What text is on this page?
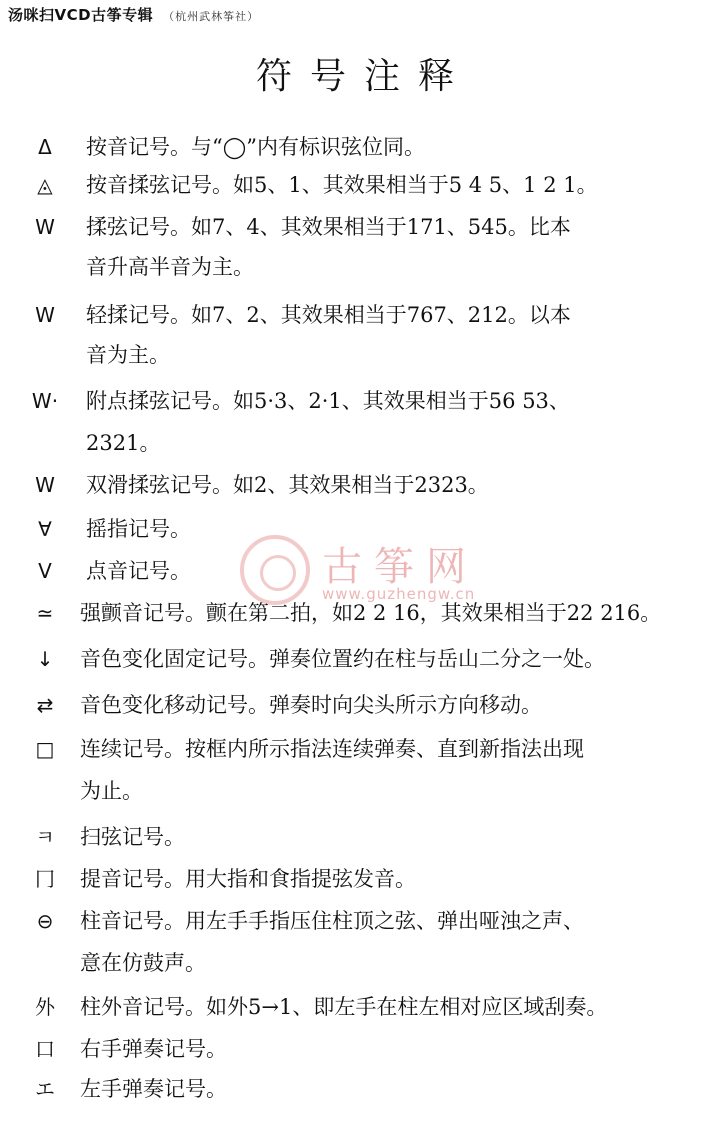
汤咪扫VCD古筝专辑 （杭州武林筝社）
符号注释
古筝网
www.guzhengw.cn
Δ	按音记号。与“◯”内有标识弦位同。
◬	按音揉弦记号。如5、1、其效果相当于5 4 5、1 2 1。
W	揉弦记号。如7、4、其效果相当于171、545。比本
音升高半音为主。
W	轻揉记号。如7、2、其效果相当于767、212。以本
音为主。
W·	附点揉弦记号。如5·3、2·1、其效果相当于56 53、
2321。
W	双滑揉弦记号。如2、其效果相当于2323。
∀	摇指记号。
V	点音记号。
≃	强颤音记号。颤在第二拍，如2 2 16，其效果相当于22 216。
↓	音色变化固定记号。弹奏位置约在柱与岳山二分之一处。
⇄	音色变化移动记号。弹奏时向尖头所示方向移动。
□	连续记号。按框内所示指法连续弹奏、直到新指法出现
为止。
ㅋ	扫弦记号。
冂	提音记号。用大指和食指提弦发音。
⊖	柱音记号。用左手手指压住柱顶之弦、弹出哑浊之声、
意在仿鼓声。
外	柱外音记号。如外5→1、即左手在柱左相对应区域刮奏。
口	右手弹奏记号。
エ	左手弹奏记号。
